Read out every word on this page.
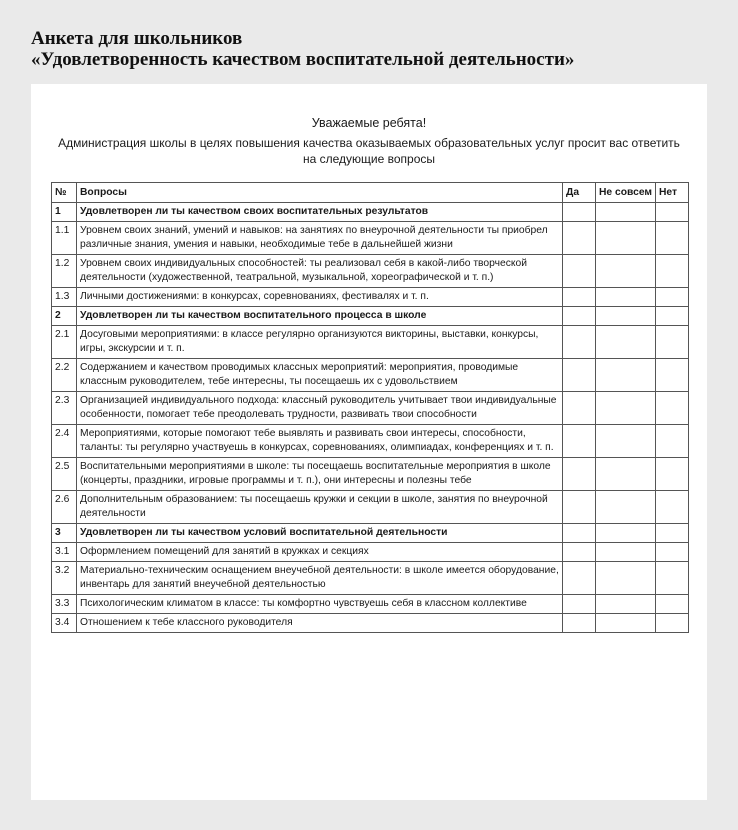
Анкета для школьников
«Удовлетворенность качеством воспитательной деятельности»
Уважаемые ребята!
Администрация школы в целях повышения качества оказываемых образовательных услуг просит вас ответить на следующие вопросы
№	Вопросы	Да	Не совсем	Нет
1	Удовлетворен ли ты качеством своих воспитательных результатов			
1.1	Уровнем своих знаний, умений и навыков: на занятиях по внеурочной деятельности ты приобрел различные знания, умения и навыки, необходимые тебе в дальнейшей жизни			
1.2	Уровнем своих индивидуальных способностей: ты реализовал себя в какой-либо творческой деятельности (художественной, театральной, музыкальной, хореографической и т. п.)			
1.3	Личными достижениями: в конкурсах, соревнованиях, фестивалях и т. п.			
2	Удовлетворен ли ты качеством воспитательного процесса в школе			
2.1	Досуговыми мероприятиями: в классе регулярно организуются викторины, выставки, конкурсы, игры, экскурсии и т. п.			
2.2	Содержанием и качеством проводимых классных мероприятий: мероприятия, проводимые классным руководителем, тебе интересны, ты посещаешь их с удовольствием			
2.3	Организацией индивидуального подхода: классный руководитель учитывает твои индивидуальные особенности, помогает тебе преодолевать трудности, развивать твои способности			
2.4	Мероприятиями, которые помогают тебе выявлять и развивать свои интересы, способности, таланты: ты регулярно участвуешь в конкурсах, соревнованиях, олимпиадах, конференциях и т. п.			
2.5	Воспитательными мероприятиями в школе: ты посещаешь воспитательные мероприятия в школе (концерты, праздники, игровые программы и т. п.), они интересны и полезны тебе			
2.6	Дополнительным образованием: ты посещаешь кружки и секции в школе, занятия по внеурочной деятельности			
3	Удовлетворен ли ты качеством условий воспитательной деятельности			
3.1	Оформлением помещений для занятий в кружках и секциях			
3.2	Материально-техническим оснащением внеучебной деятельности: в школе имеется оборудование, инвентарь для занятий внеучебной деятельностью			
3.3	Психологическим климатом в классе: ты комфортно чувствуешь себя в классном коллективе			
3.4	Отношением к тебе классного руководителя			
